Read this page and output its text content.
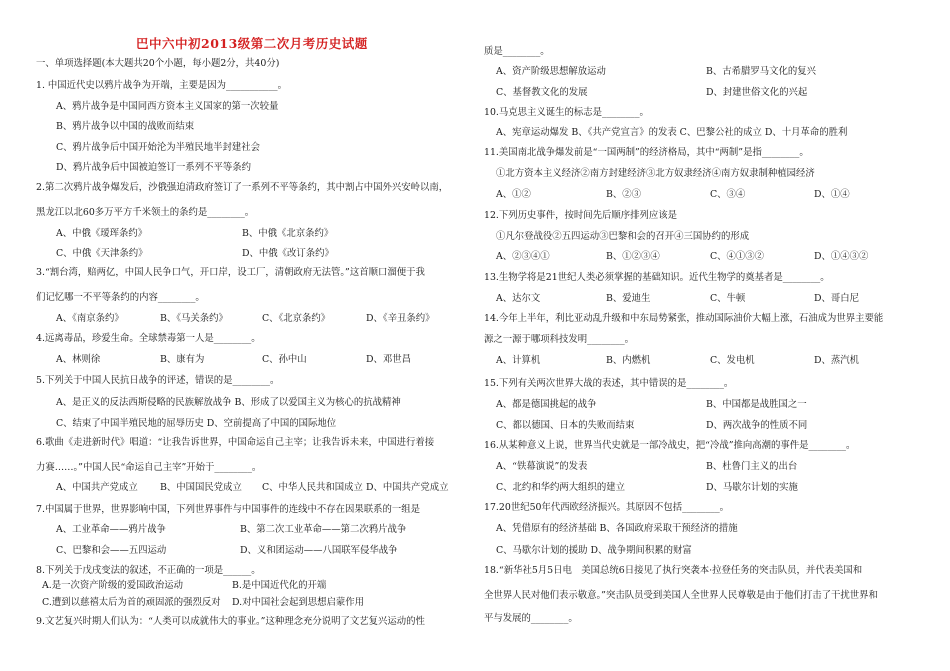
巴中六中初2013级第二次月考历史试题
一、单项选择题(本大题共20个小题，每小题2分，共40分)
1. 中国近代史以鸦片战争为开端，主要是因为___________。
A、鸦片战争是中国同西方资本主义国家的第一次较量
B、鸦片战争以中国的战败而结束
C、鸦片战争后中国开始沦为半殖民地半封建社会
D、鸦片战争后中国被迫签订一系列不平等条约
2.第二次鸦片战争爆发后，沙俄强迫清政府签订了一系列不平等条约，其中割占中国外兴安岭以南，
黑龙江以北60多万平方千米领土的条约是________。
3.“割台湾，赔两亿，中国人民争口气，开口岸，设工厂，清朝政府无法管。”这首顺口溜便于我
们记忆哪一不平等条约的内容________。
4.远离毒品，珍爱生命。全球禁毒第一人是________。
5.下列关于中国人民抗日战争的评述，错误的是________。
A、是正义的反法西斯侵略的民族解放战争 B、形成了以爱国主义为核心的抗战精神
C、结束了中国半殖民地的屈辱历史 D、空前提高了中国的国际地位
6.歌曲《走进新时代》唱道：“让我告诉世界，中国命运自己主宰；让我告诉未来，中国进行着接
力赛……。”中国人民“命运自己主宰”开始于________。
7.中国属于世界，世界影响中国，下列世界事件与中国事件的连线中不存在因果联系的一组是
8.下列关于戊戌变法的叙述，不正确的一项是______。
A.是一次资产阶级的爱国政治运动	B.是中国近代化的开端
C.遭到以慈禧太后为首的顽固派的强烈反对 D.对中国社会起到思想启蒙作用
9.文艺复兴时期人们认为：“人类可以成就伟大的事业。”这种理念充分说明了文艺复兴运动的性
A、中俄《瑷珲条约》	B、中俄《北京条约》
C、中俄《天津条约》	D、中俄《改订条约》
A、《南京条约》	B、《马关条约》	C、《北京条约》	D、《辛丑条约》
A、林则徐	B、康有为	C、孙中山	D、邓世昌
A、中国共产党成立 B、中国国民党成立 C、中华人民共和国成立 D、中国共产党成立
A、工业革命——鸦片战争	B、第二次工业革命——第二次鸦片战争
C、巴黎和会——五四运动	D、义和团运动——八国联军侵华战争
质是________。
10.马克思主义诞生的标志是________。
A、宪章运动爆发 B、《共产党宣言》的发表 C、巴黎公社的成立 D、十月革命的胜利
11.美国南北战争爆发前是“一国两制”的经济格局，其中“两制”是指________。
①北方资本主义经济②南方封建经济③北方奴隶经济④南方奴隶制种植园经济
12.下列历史事件，按时间先后顺序排列应该是
①凡尔登战役②五四运动③巴黎和会的召开④三国协约的形成
13.生物学将是21世纪人类必须掌握的基础知识。近代生物学的奠基者是________。
14.今年上半年，利比亚动乱升级和中东局势紧张，推动国际油价大幅上涨，石油成为世界主要能
源之一源于哪项科技发明________。
15.下列有关两次世界大战的表述，其中错误的是________。
16.从某种意义上说，世界当代史就是一部冷战史，把“冷战”推向高潮的事件是________。
17.20世纪50年代西欧经济振兴。其原因不包括________。
18.“新华社5月5日电　美国总统6日接见了执行突袭本·拉登任务的突击队员，并代表美国和
全世界人民对他们表示敬意。”突击队员受到美国人全世界人民尊敬是由于他们打击了干扰世界和
平与发展的________。
A、资产阶级思想解放运动	B、古希腊罗马文化的复兴
C、基督教文化的发展	D、封建世俗文化的兴起
A、①②	B、②③	C、③④	D、①④
A、②③④①	B、①②③④	C、④①③②	D、①④③②
A、达尔文	B、爱迪生	C、牛顿	D、哥白尼
A、计算机	B、内燃机	C、发电机	D、蒸汽机
A、都是德国挑起的战争	B、中国都是战胜国之一
C、都以德国、日本的失败而结束	D、两次战争的性质不同
A、“铁幕演说”的发表	B、杜鲁门主义的出台
C、北约和华约两大组织的建立	D、马歇尔计划的实施
A、凭借原有的经济基础 B、各国政府采取干预经济的措施
C、马歇尔计划的援助 D、战争期间积累的财富
